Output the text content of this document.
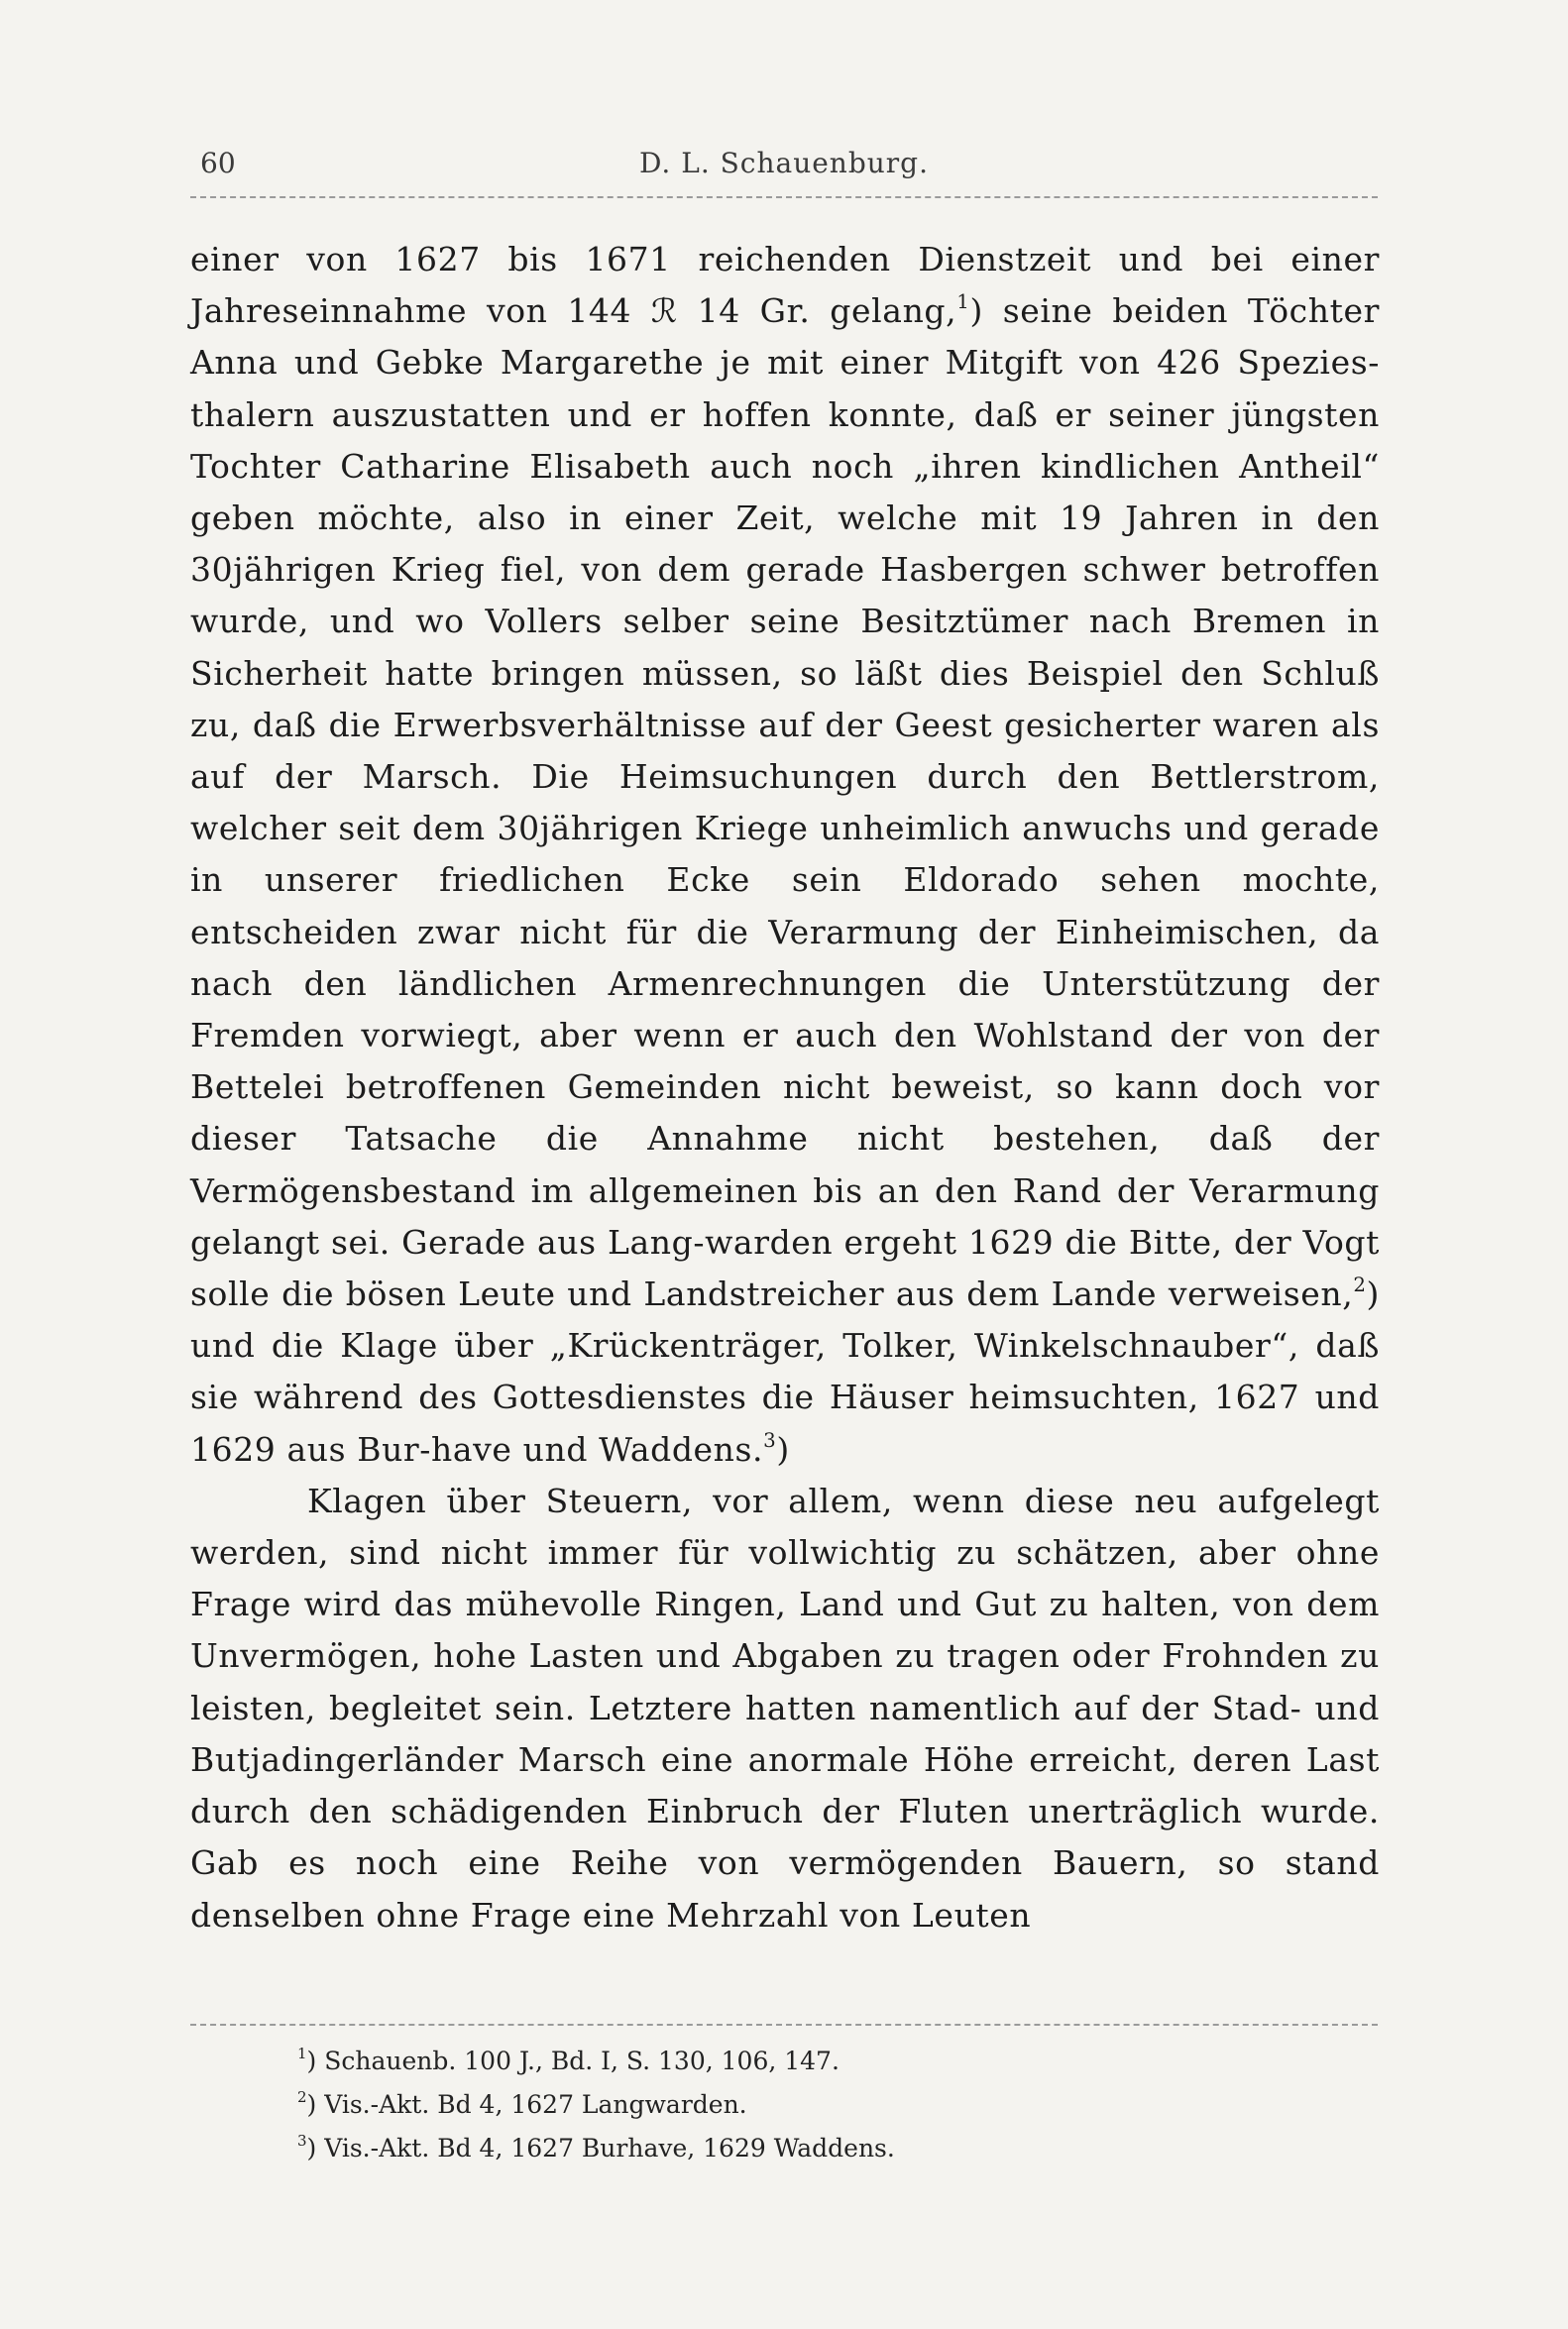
60	D. L. Schauenburg.

einer von 1627 bis 1671 reichenden Dienstzeit und bei einer Jahreseinnahme von 144 ℛ 14 Gr. gelang,$^1$) seine beiden Töchter Anna und Gebke Margarethe je mit einer Mitgift von 426 Spezies-thalern auszustatten und er hoffen konnte, daß er seiner jüngsten Tochter Catharine Elisabeth auch noch „ihren kindlichen Antheil“ geben möchte, also in einer Zeit, welche mit 19 Jahren in den 30jährigen Krieg fiel, von dem gerade Hasbergen schwer betroffen wurde, und wo Vollers selber seine Besitztümer nach Bremen in Sicherheit hatte bringen müssen, so läßt dies Beispiel den Schluß zu, daß die Erwerbsverhältnisse auf der Geest gesicherter waren als auf der Marsch. Die Heimsuchungen durch den Bettlerstrom, welcher seit dem 30jährigen Kriege unheimlich anwuchs und gerade in unserer friedlichen Ecke sein Eldorado sehen mochte, entscheiden zwar nicht für die Verarmung der Einheimischen, da nach den ländlichen Armenrechnungen die Unterstützung der Fremden vorwiegt, aber wenn er auch den Wohlstand der von der Bettelei betroffenen Gemeinden nicht beweist, so kann doch vor dieser Tatsache die Annahme nicht bestehen, daß der Vermögensbestand im allgemeinen bis an den Rand der Verarmung gelangt sei. Gerade aus Lang-warden ergeht 1629 die Bitte, der Vogt solle die bösen Leute und Landstreicher aus dem Lande verweisen,$^2$) und die Klage über „Krückenträger, Tolker, Winkelschnauber“, daß sie während des Gottesdienstes die Häuser heimsuchten, 1627 und 1629 aus Bur-have und Waddens.$^3$)

Klagen über Steuern, vor allem, wenn diese neu aufgelegt werden, sind nicht immer für vollwichtig zu schätzen, aber ohne Frage wird das mühevolle Ringen, Land und Gut zu halten, von dem Unvermögen, hohe Lasten und Abgaben zu tragen oder Frohnden zu leisten, begleitet sein. Letztere hatten namentlich auf der Stad- und Butjadingerländer Marsch eine anormale Höhe erreicht, deren Last durch den schädigenden Einbruch der Fluten unerträglich wurde. Gab es noch eine Reihe von vermögenden Bauern, so stand denselben ohne Frage eine Mehrzahl von Leuten

$^1$) Schauenb. 100 J., Bd. I, S. 130, 106, 147.
$^2$) Vis.-Akt. Bd 4, 1627 Langwarden.
$^3$) Vis.-Akt. Bd 4, 1627 Burhave, 1629 Waddens.
